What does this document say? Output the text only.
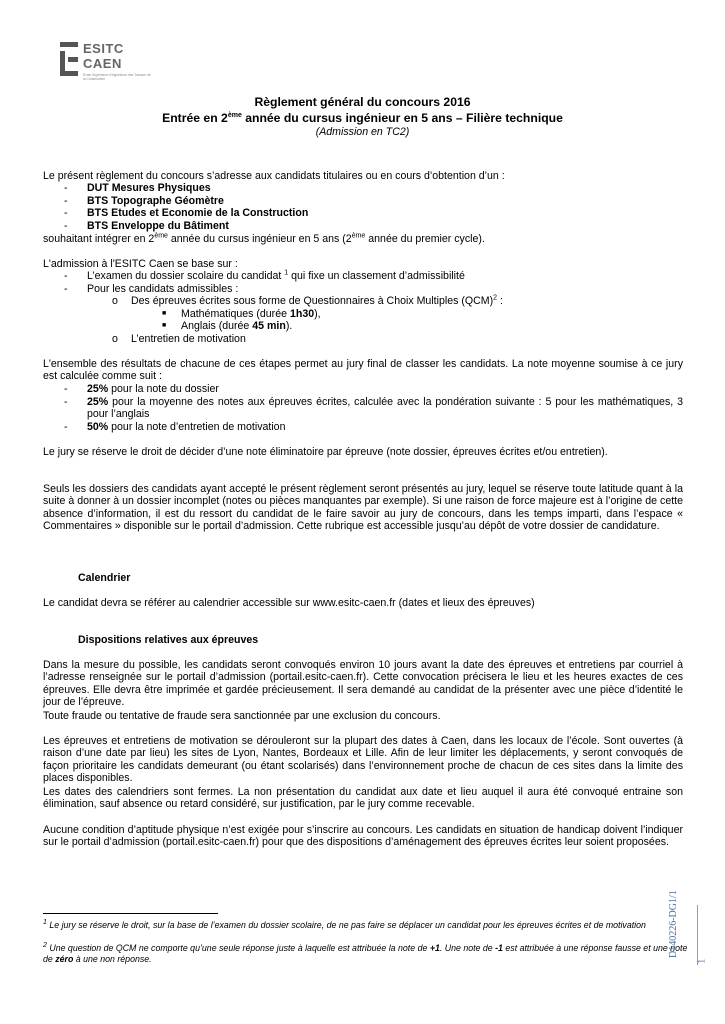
ESITC
CAEN
École Supérieure d'Ingénieurs des Travaux de la Construction
Règlement général du concours 2016
Entrée en 2ème année du cursus ingénieur en 5 ans – Filière technique
(Admission en TC2)
Le présent règlement du concours s’adresse aux candidats titulaires ou en cours d’obtention d’un :
- DUT Mesures Physiques
- BTS Topographe Géomètre
- BTS Etudes et Economie de la Construction
- BTS Enveloppe du Bâtiment
souhaitant intégrer en 2ème année du cursus ingénieur en 5 ans (2ème année du premier cycle).
L'admission à l'ESITC Caen se base sur :
- L’examen du dossier scolaire du candidat $^1$ qui fixe un classement d’admissibilité
- Pour les candidats admissibles :
o Des épreuves écrites sous forme de Questionnaires à Choix Multiples (QCM)$^2$ :
■ Mathématiques (durée 1h30),
■ Anglais (durée 45 min).
o L’entretien de motivation
L'ensemble des résultats de chacune de ces étapes permet au jury final de classer les candidats. La note moyenne soumise à ce jury est calculée comme suit :
- 25% pour la note du dossier
- 25% pour la moyenne des notes aux épreuves écrites, calculée avec la pondération suivante : 5 pour les mathématiques, 3 pour l’anglais
- 50% pour la note d’entretien de motivation
Le jury se réserve le droit de décider d’une note éliminatoire par épreuve (note dossier, épreuves écrites et/ou entretien).
Seuls les dossiers des candidats ayant accepté le présent règlement seront présentés au jury, lequel se réserve toute latitude quant à la suite à donner à un dossier incomplet (notes ou pièces manquantes par exemple). Si une raison de force majeure est à l’origine de cette absence d’information, il est du ressort du candidat de le faire savoir au jury de concours, dans les temps imparti, dans l’espace « Commentaires » disponible sur le portail d’admission. Cette rubrique est accessible jusqu’au dépôt de votre dossier de candidature.
Calendrier
Le candidat devra se référer au calendrier accessible sur www.esitc-caen.fr (dates et lieux des épreuves)
Dispositions relatives aux épreuves
Dans la mesure du possible, les candidats seront convoqués environ 10 jours avant la date des épreuves et entretiens par courriel à l’adresse renseignée sur le portail d’admission (portail.esitc-caen.fr). Cette convocation précisera le lieu et les heures exactes de ces épreuves. Elle devra être imprimée et gardée précieusement. Il sera demandé au candidat de la présenter avec une pièce d’identité le jour de l’épreuve.
Toute fraude ou tentative de fraude sera sanctionnée par une exclusion du concours.
Les épreuves et entretiens de motivation se dérouleront sur la plupart des dates à Caen, dans les locaux de l’école. Sont ouvertes (à raison d’une date par lieu) les sites de Lyon, Nantes, Bordeaux et Lille. Afin de leur limiter les déplacements, y seront convoqués de façon prioritaire les candidats demeurant (ou étant scolarisés) dans l’environnement proche de chacun de ces sites dans la limite des places disponibles.
Les dates des calendriers sont fermes. La non présentation du candidat aux date et lieu auquel il aura été convoqué entraine son élimination, sauf absence ou retard considéré, sur justification, par le jury comme recevable.
Aucune condition d’aptitude physique n’est exigée pour s’inscrire au concours. Les candidats en situation de handicap doivent l’indiquer sur le portail d’admission (portail.esitc-caen.fr) pour que des dispositions d’aménagement des épreuves écrites leur soient proposées.
$^1$ Le jury se réserve le droit, sur la base de l’examen du dossier scolaire, de ne pas faire se déplacer un candidat pour les épreuves écrites et de motivation
$^2$ Une question de QCM ne comporte qu’une seule réponse juste à laquelle est attribuée la note de +1. Une note de -1 est attribuée à une réponse fausse et une note de zéro à une non réponse.
D140226-DG1/1
1
